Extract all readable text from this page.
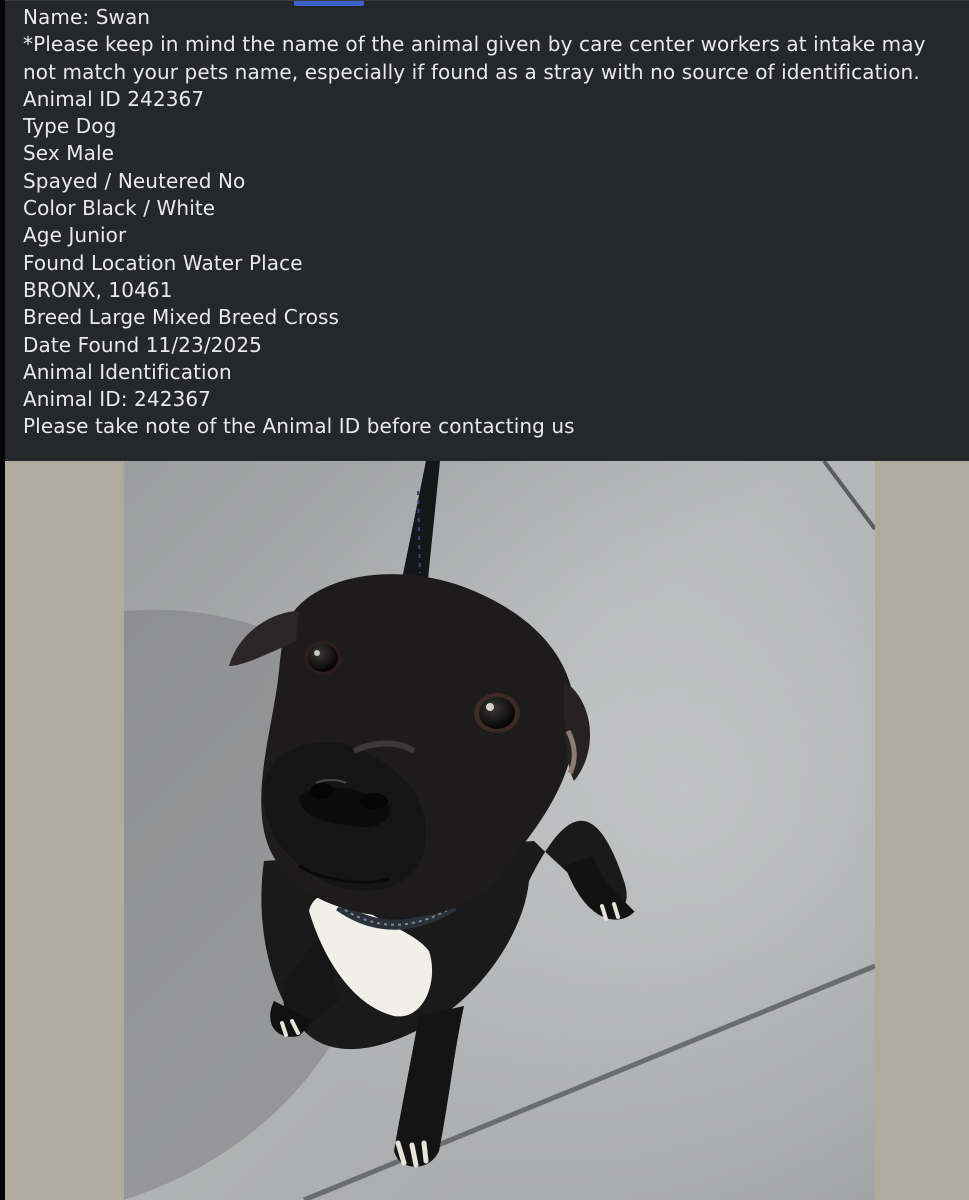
Name: Swan
*Please keep in mind the name of the animal given by care center workers at intake may not match your pets name, especially if found as a stray with no source of identification.
Animal ID 242367
Type Dog
Sex Male
Spayed / Neutered No
Color Black / White
Age Junior
Found Location Water Place
BRONX, 10461
Breed Large Mixed Breed Cross
Date Found 11/23/2025
Animal Identification
Animal ID: 242367
Please take note of the Animal ID before contacting us
